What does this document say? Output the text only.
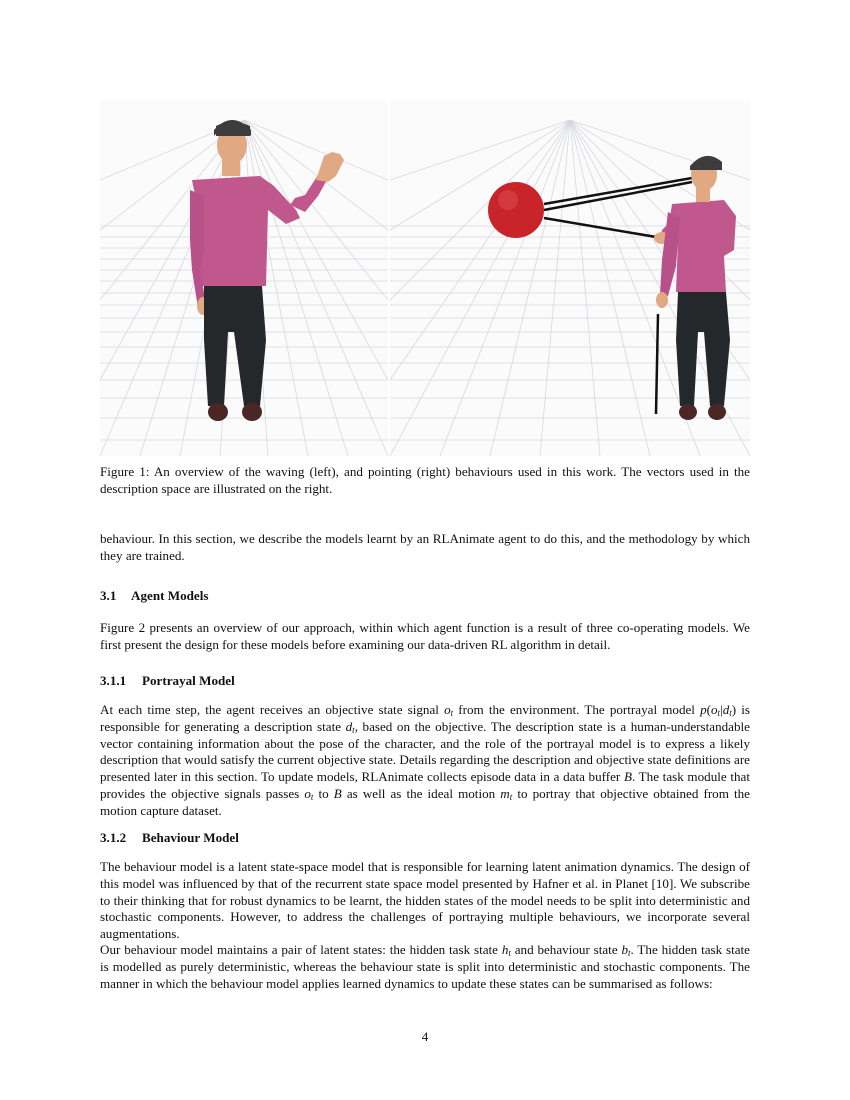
Figure 1: An overview of the waving (left), and pointing (right) behaviours used in this work. The vectors used in the description space are illustrated on the right.
behaviour. In this section, we describe the models learnt by an RLAnimate agent to do this, and the methodology by which they are trained.
3.1 Agent Models
Figure 2 presents an overview of our approach, within which agent function is a result of three co-operating models. We first present the design for these models before examining our data-driven RL algorithm in detail.
3.1.1 Portrayal Model
At each time step, the agent receives an objective state signal $o_t$ from the environment. The portrayal model $p(o_t|d_t)$ is responsible for generating a description state $d_t$, based on the objective. The description state is a human-understandable vector containing information about the pose of the character, and the role of the portrayal model is to express a likely description that would satisfy the current objective state. Details regarding the description and objective state definitions are presented later in this section. To update models, RLAnimate collects episode data in a data buffer B. The task module that provides the objective signals passes $o_t$ to B as well as the ideal motion $m_t$ to portray that objective obtained from the motion capture dataset.
3.1.2 Behaviour Model
The behaviour model is a latent state-space model that is responsible for learning latent animation dynamics. The design of this model was influenced by that of the recurrent state space model presented by Hafner et al. in Planet [10]. We subscribe to their thinking that for robust dynamics to be learnt, the hidden states of the model needs to be split into deterministic and stochastic components. However, to address the challenges of portraying multiple behaviours, we incorporate several augmentations.
Our behaviour model maintains a pair of latent states: the hidden task state $h_t$ and behaviour state $b_t$. The hidden task state is modelled as purely deterministic, whereas the behaviour state is split into deterministic and stochastic components. The manner in which the behaviour model applies learned dynamics to update these states can be summarised as follows:
4
